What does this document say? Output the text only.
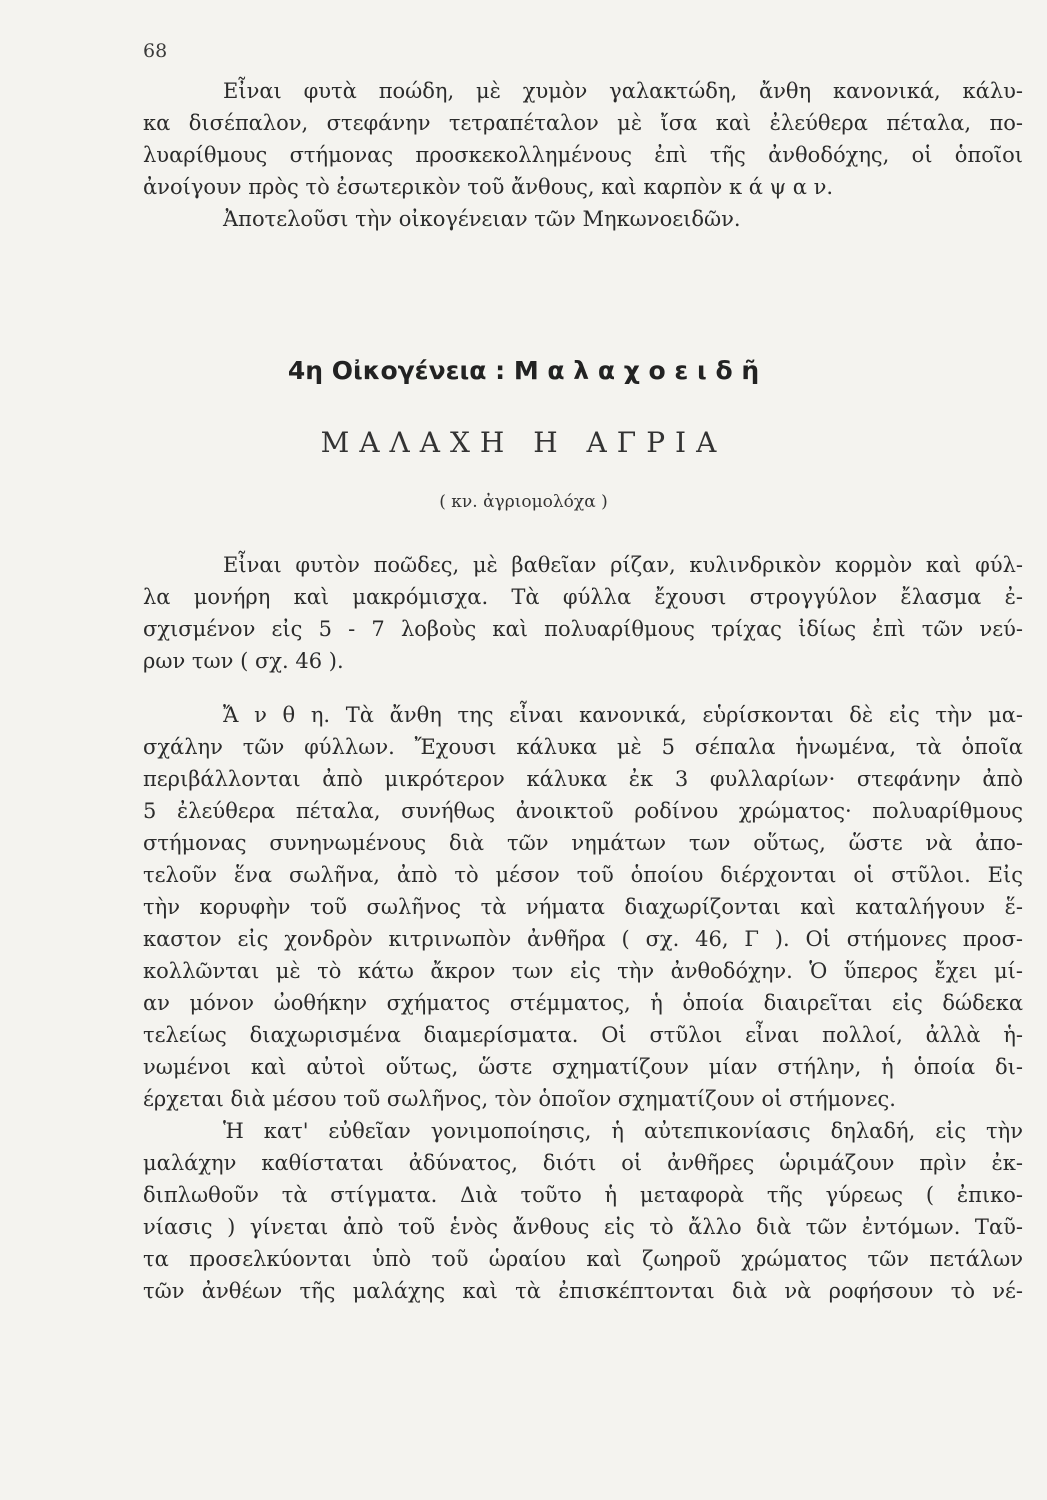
68
Εἶναι φυτὰ ποώδη, μὲ χυμὸν γαλακτώδη, ἄνθη κανονικά, κάλυ-
κα δισέπαλον, στεφάνην τετραπέταλον μὲ ἴσα καὶ ἐλεύθερα πέταλα, πο-
λυαρίθμους στήμονας προσκεκολλημένους ἐπὶ τῆς ἀνθοδόχης, οἱ ὁποῖοι
ἀνοίγουν πρὸς τὸ ἐσωτερικὸν τοῦ ἄνθους, καὶ καρπὸν κ ά ψ α ν.
Ἀποτελοῦσι τὴν οἰκογένειαν τῶν Μηκωνοειδῶν.
4η Οἰκογένεια : Μ α λ α χ ο ε ι δ ῆ
ΜΑΛΑΧΗ Η ΑΓΡΙΑ
( κν. ἀγριομολόχα )
Εἶναι φυτὸν ποῶδες, μὲ βαθεῖαν ρίζαν, κυλινδρικὸν κορμὸν καὶ φύλ-
λα μονήρη καὶ μακρόμισχα. Τὰ φύλλα ἔχουσι στρογγύλον ἔλασμα ἐ-
σχισμένον εἰς 5 - 7 λοβοὺς καὶ πολυαρίθμους τρίχας ἰδίως ἐπὶ τῶν νεύ-
ρων των ( σχ. 46 ).
Ἄ ν θ η. Τὰ ἄνθη της εἶναι κανονικά, εὑρίσκονται δὲ εἰς τὴν μα-
σχάλην τῶν φύλλων. Ἔχουσι κάλυκα μὲ 5 σέπαλα ἡνωμένα, τὰ ὁποῖα
περιβάλλονται ἀπὸ μικρότερον κάλυκα ἐκ 3 φυλλαρίων· στεφάνην ἀπὸ
5 ἐλεύθερα πέταλα, συνήθως ἀνοικτοῦ ροδίνου χρώματος· πολυαρίθμους
στήμονας συνηνωμένους διὰ τῶν νημάτων των οὕτως, ὥστε νὰ ἀπο-
τελοῦν ἕνα σωλῆνα, ἀπὸ τὸ μέσον τοῦ ὁποίου διέρχονται οἱ στῦλοι. Εἰς
τὴν κορυφὴν τοῦ σωλῆνος τὰ νήματα διαχωρίζονται καὶ καταλήγουν ἕ-
καστον εἰς χονδρὸν κιτρινωπὸν ἀνθῆρα ( σχ. 46, Γ ). Οἱ στήμονες προσ-
κολλῶνται μὲ τὸ κάτω ἄκρον των εἰς τὴν ἀνθοδόχην. Ὁ ὕπερος ἔχει μί-
αν μόνον ὠοθήκην σχήματος στέμματος, ἡ ὁποία διαιρεῖται εἰς δώδεκα
τελείως διαχωρισμένα διαμερίσματα. Οἱ στῦλοι εἶναι πολλοί, ἀλλὰ ἡ-
νωμένοι καὶ αὐτοὶ οὕτως, ὥστε σχηματίζουν μίαν στήλην, ἡ ὁποία δι-
έρχεται διὰ μέσου τοῦ σωλῆνος, τὸν ὁποῖον σχηματίζουν οἱ στήμονες.
Ἡ κατ' εὐθεῖαν γονιμοποίησις, ἡ αὐτεπικονίασις δηλαδή, εἰς τὴν
μαλάχην καθίσταται ἀδύνατος, διότι οἱ ἀνθῆρες ὡριμάζουν πρὶν ἐκ-
διπλωθοῦν τὰ στίγματα. Διὰ τοῦτο ἡ μεταφορὰ τῆς γύρεως ( ἐπικο-
νίασις ) γίνεται ἀπὸ τοῦ ἑνὸς ἄνθους εἰς τὸ ἄλλο διὰ τῶν ἐντόμων. Ταῦ-
τα προσελκύονται ὑπὸ τοῦ ὡραίου καὶ ζωηροῦ χρώματος τῶν πετάλων
τῶν ἀνθέων τῆς μαλάχης καὶ τὰ ἐπισκέπτονται διὰ νὰ ροφήσουν τὸ νέ-
